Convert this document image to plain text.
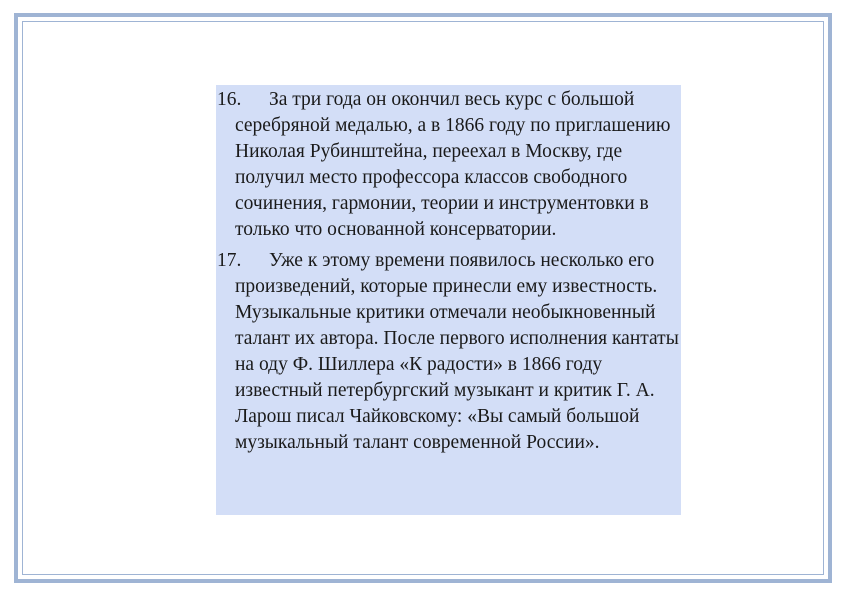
16.	За три года он окончил весь курс с большой серебряной медалью, а в 1866 году по приглашению Николая Рубинштейна, переехал в Москву, где получил место профессора классов свободного сочинения, гармонии, теории и инструментовки в только что основанной консерватории.

17.	Уже к этому времени появилось несколько его произведений, которые принесли ему известность. Музыкальные критики отмечали необыкновенный талант их автора. После первого исполнения кантаты на оду Ф. Шиллера «К радости» в 1866 году известный петербургский музыкант и критик Г. А. Ларош писал Чайковскому: «Вы самый большой музыкальный талант современной России».
